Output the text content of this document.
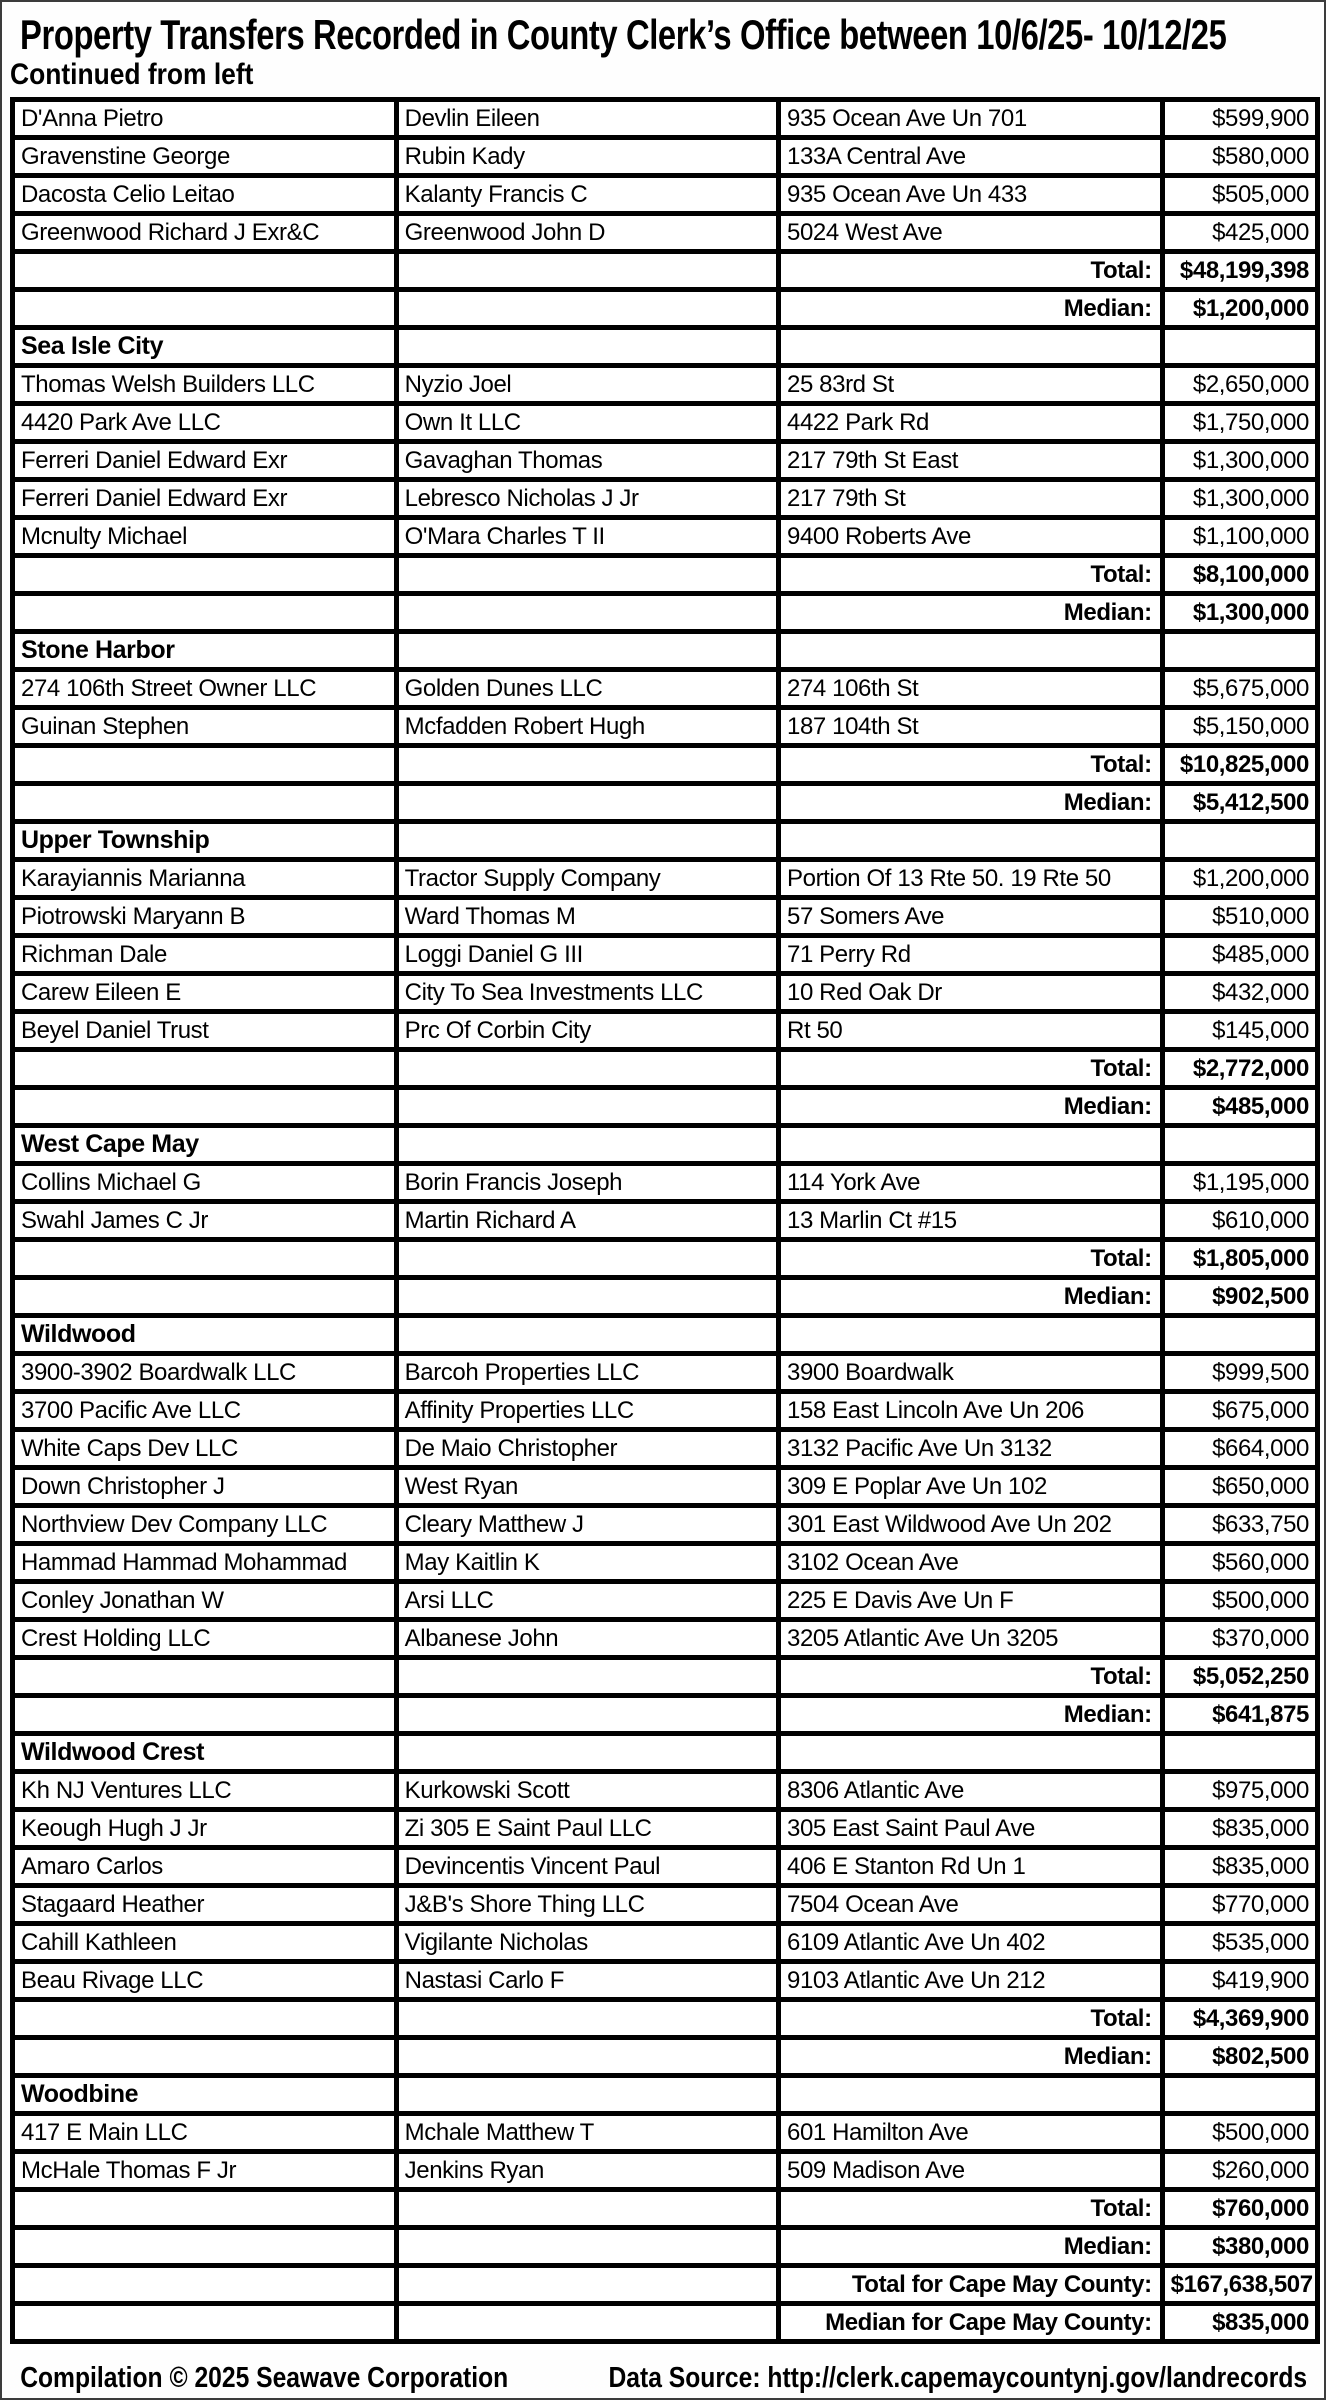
Property Transfers Recorded in County Clerk’s Office between 10/6/25- 10/12/25
Continued from left
D'Anna Pietro	Devlin Eileen	935 Ocean Ave Un 701	$599,900
Gravenstine George	Rubin Kady	133A Central Ave	$580,000
Dacosta Celio Leitao	Kalanty Francis C	935 Ocean Ave Un 433	$505,000
Greenwood Richard J Exr&C	Greenwood John D	5024 West Ave	$425,000
		Total:	$48,199,398
		Median:	$1,200,000
Sea Isle City			
Thomas Welsh Builders LLC	Nyzio Joel	25 83rd St	$2,650,000
4420 Park Ave LLC	Own It LLC	4422 Park Rd	$1,750,000
Ferreri Daniel Edward Exr	Gavaghan Thomas	217 79th St East	$1,300,000
Ferreri Daniel Edward Exr	Lebresco Nicholas J Jr	217 79th St	$1,300,000
Mcnulty Michael	O'Mara Charles T II	9400 Roberts Ave	$1,100,000
		Total:	$8,100,000
		Median:	$1,300,000
Stone Harbor			
274 106th Street Owner LLC	Golden Dunes LLC	274 106th St	$5,675,000
Guinan Stephen	Mcfadden Robert Hugh	187 104th St	$5,150,000
		Total:	$10,825,000
		Median:	$5,412,500
Upper Township			
Karayiannis Marianna	Tractor Supply Company	Portion Of 13 Rte 50. 19 Rte 50	$1,200,000
Piotrowski Maryann B	Ward Thomas M	57 Somers Ave	$510,000
Richman Dale	Loggi Daniel G III	71 Perry Rd	$485,000
Carew Eileen E	City To Sea Investments LLC	10 Red Oak Dr	$432,000
Beyel Daniel Trust	Prc Of Corbin City	Rt 50	$145,000
		Total:	$2,772,000
		Median:	$485,000
West Cape May			
Collins Michael G	Borin Francis Joseph	114 York Ave	$1,195,000
Swahl James C Jr	Martin Richard A	13 Marlin Ct #15	$610,000
		Total:	$1,805,000
		Median:	$902,500
Wildwood			
3900-3902 Boardwalk LLC	Barcoh Properties LLC	3900 Boardwalk	$999,500
3700 Pacific Ave LLC	Affinity Properties LLC	158 East Lincoln Ave Un 206	$675,000
White Caps Dev LLC	De Maio Christopher	3132 Pacific Ave Un 3132	$664,000
Down Christopher J	West Ryan	309 E Poplar Ave Un 102	$650,000
Northview Dev Company LLC	Cleary Matthew J	301 East Wildwood Ave Un 202	$633,750
Hammad Hammad Mohammad	May Kaitlin K	3102 Ocean Ave	$560,000
Conley Jonathan W	Arsi LLC	225 E Davis Ave Un F	$500,000
Crest Holding LLC	Albanese John	3205 Atlantic Ave Un 3205	$370,000
		Total:	$5,052,250
		Median:	$641,875
Wildwood Crest			
Kh NJ Ventures LLC	Kurkowski Scott	8306 Atlantic Ave	$975,000
Keough Hugh J Jr	Zi 305 E Saint Paul LLC	305 East Saint Paul Ave	$835,000
Amaro Carlos	Devincentis Vincent Paul	406 E Stanton Rd Un 1	$835,000
Stagaard Heather	J&B's Shore Thing LLC	7504 Ocean Ave	$770,000
Cahill Kathleen	Vigilante Nicholas	6109 Atlantic Ave Un 402	$535,000
Beau Rivage LLC	Nastasi Carlo F	9103 Atlantic Ave Un 212	$419,900
		Total:	$4,369,900
		Median:	$802,500
Woodbine			
417 E Main LLC	Mchale Matthew T	601 Hamilton Ave	$500,000
McHale Thomas F Jr	Jenkins Ryan	509 Madison Ave	$260,000
		Total:	$760,000
		Median:	$380,000
		Total for Cape May County:	$167,638,507
		Median for Cape May County:	$835,000
Compilation © 2025 Seawave Corporation	Data Source: http://clerk.capemaycountynj.gov/landrecords
